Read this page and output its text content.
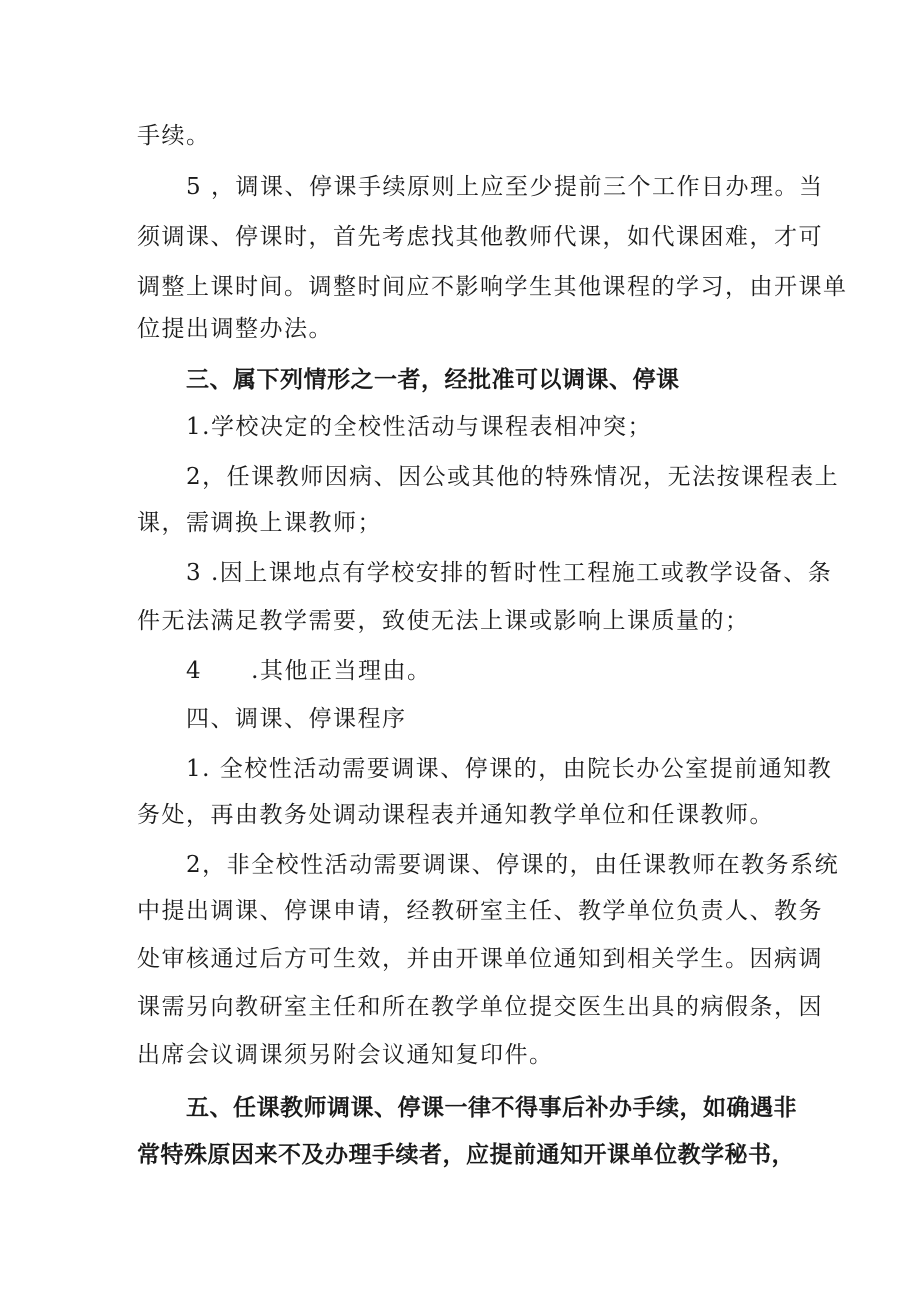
手续。
5 ，调课、停课手续原则上应至少提前三个工作日办理。当
须调课、停课时，首先考虑找其他教师代课，如代课困难，才可
调整上课时间。调整时间应不影响学生其他课程的学习，由开课单
位提出调整办法。
三、属下列情形之一者，经批准可以调课、停课
1.学校决定的全校性活动与课程表相冲突；
2，任课教师因病、因公或其他的特殊情况，无法按课程表上
课，需调换上课教师；
3 .因上课地点有学校安排的暂时性工程施工或教学设备、条
件无法满足教学需要，致使无法上课或影响上课质量的；
4　　.其他正当理由。
四、调课、停课程序
1. 全校性活动需要调课、停课的，由院长办公室提前通知教
务处，再由教务处调动课程表并通知教学单位和任课教师。
2，非全校性活动需要调课、停课的，由任课教师在教务系统
中提出调课、停课申请，经教研室主任、教学单位负责人、教务
处审核通过后方可生效，并由开课单位通知到相关学生。因病调
课需另向教研室主任和所在教学单位提交医生出具的病假条，因
出席会议调课须另附会议通知复印件。
五、任课教师调课、停课一律不得事后补办手续，如确遇非
常特殊原因来不及办理手续者，应提前通知开课单位教学秘书，
